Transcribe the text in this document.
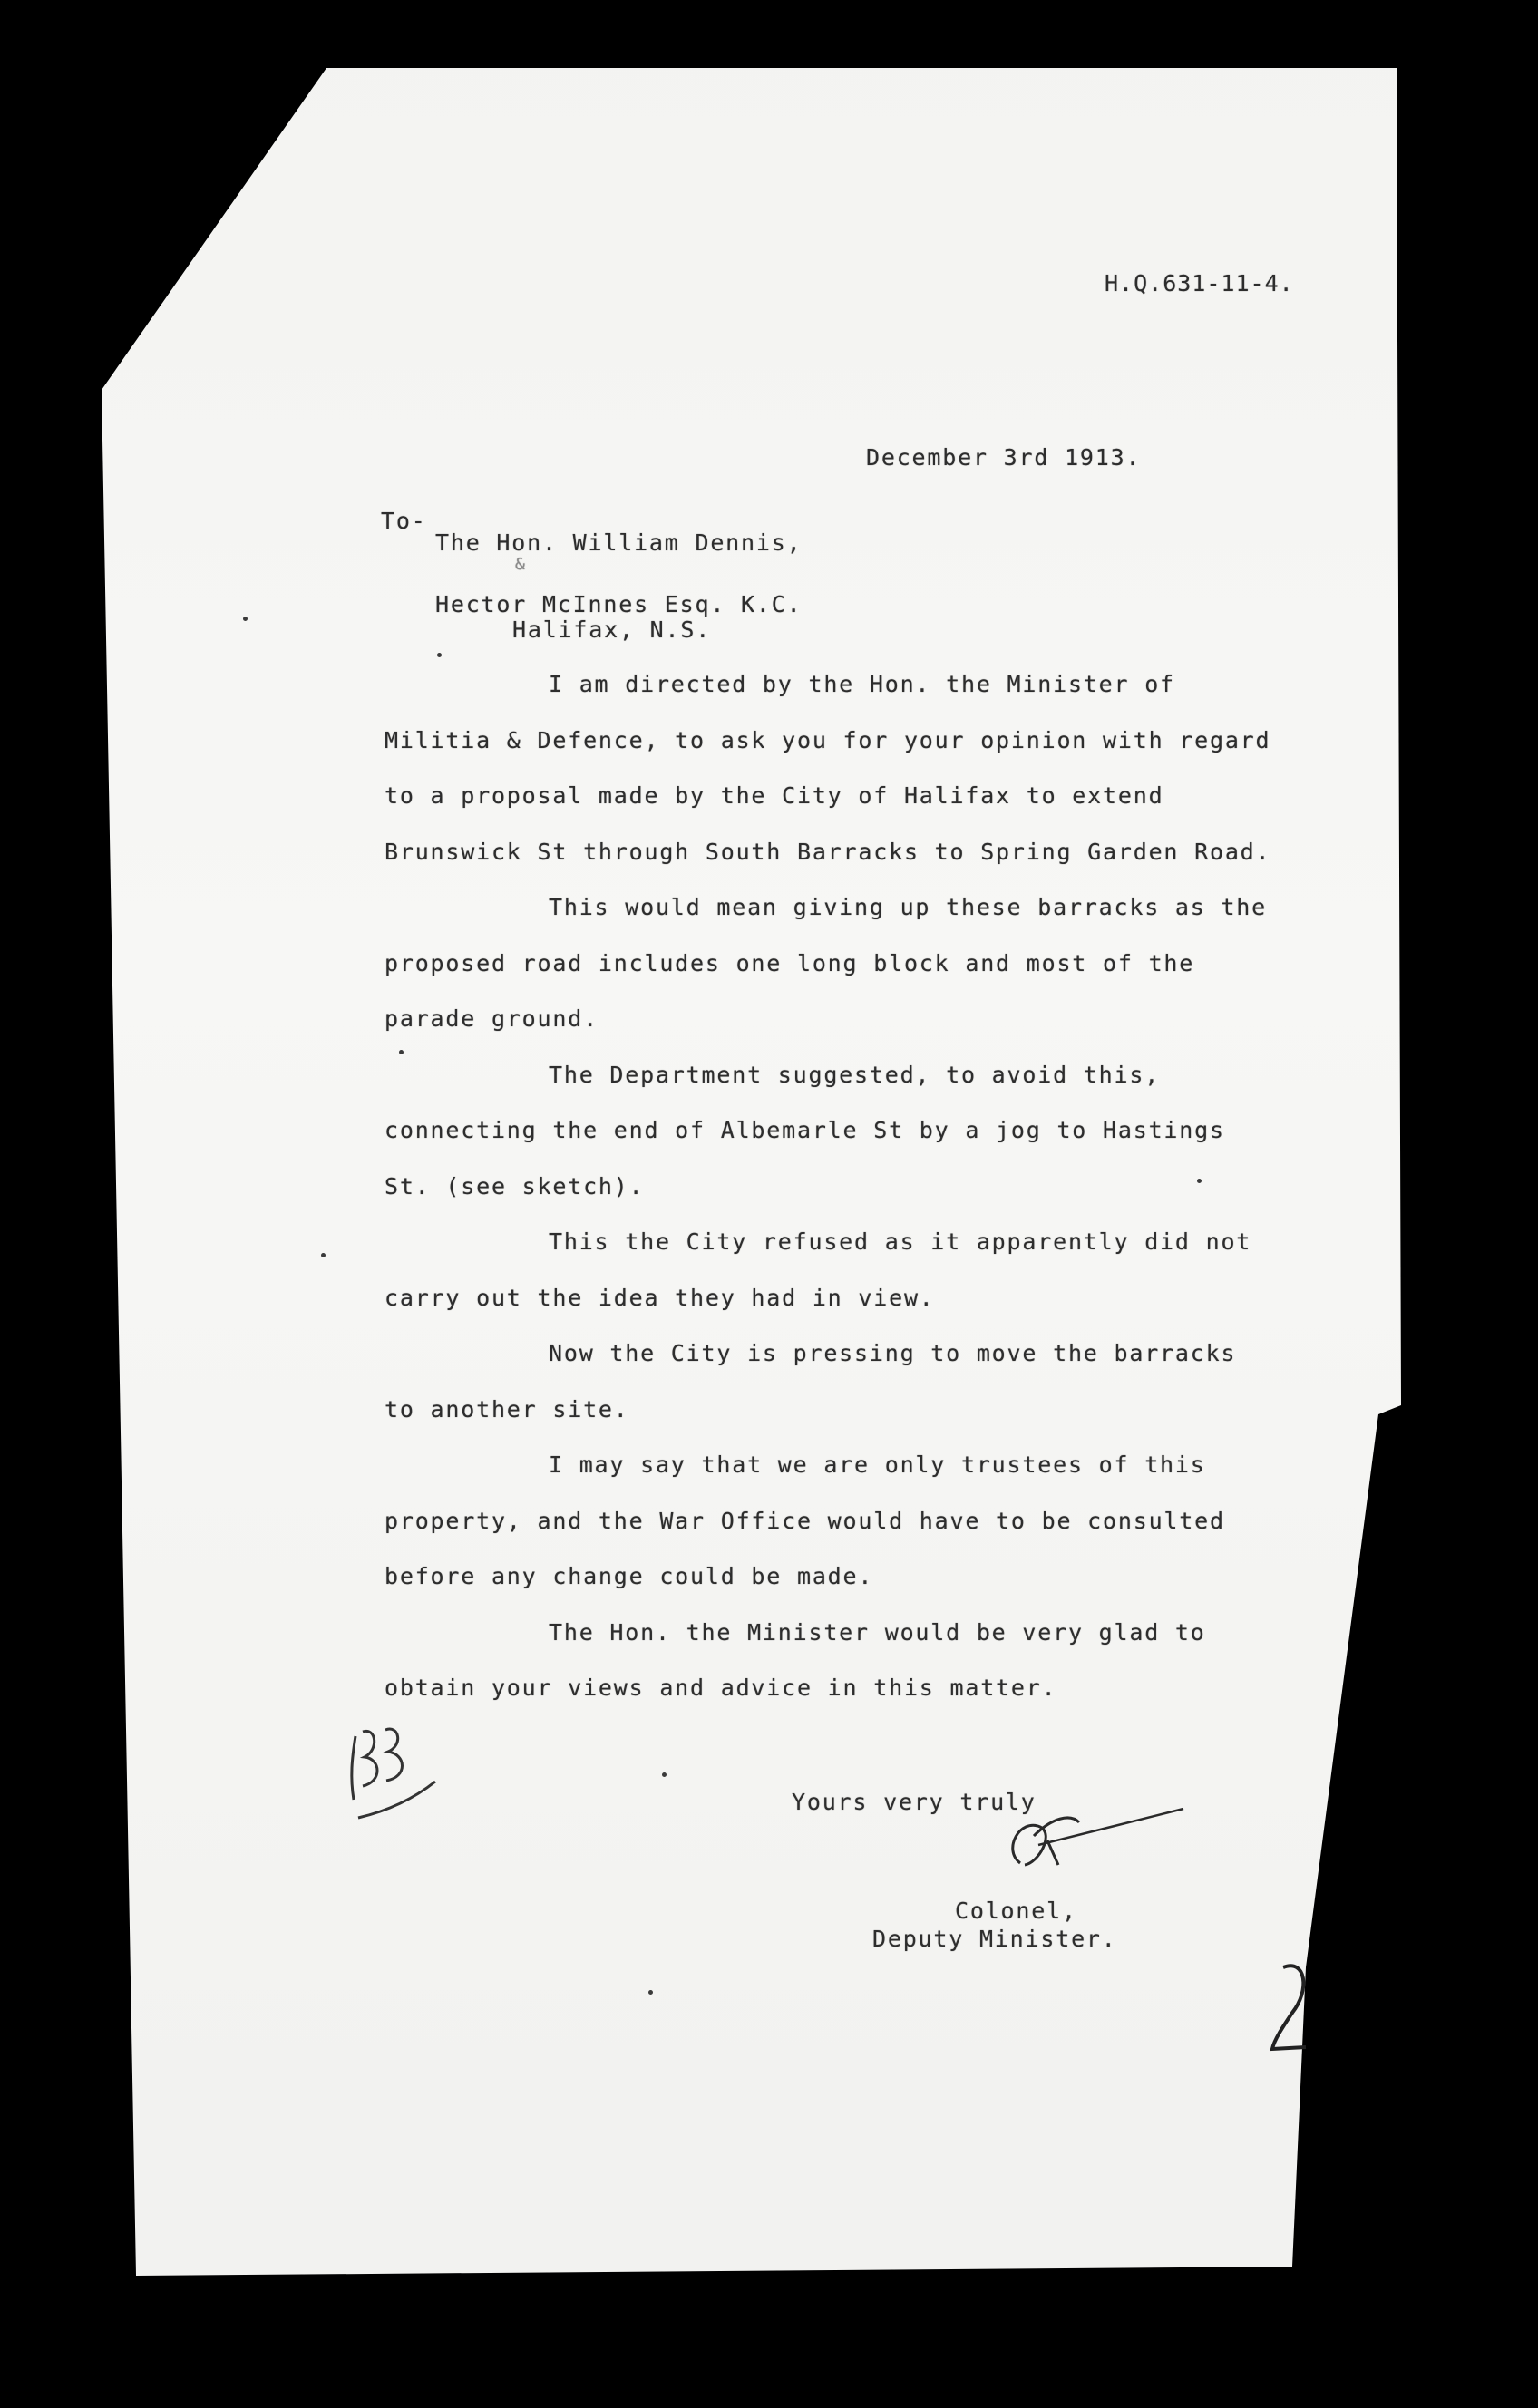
H.Q.631-11-4.
December 3rd 1913.
To-
The Hon. William Dennis,
&
Hector McInnes Esq. K.C.
Halifax, N.S.
I am directed by the Hon. the Minister of
Militia & Defence, to ask you for your opinion with regard
to a proposal made by the City of Halifax to extend
Brunswick St through South Barracks to Spring Garden Road.
This would mean giving up these barracks as the
proposed road includes one long block and most of the
parade ground.
The Department suggested, to avoid this,
connecting the end of Albemarle St by a jog to Hastings
St. (see sketch).
This the City refused as it apparently did not
carry out the idea they had in view.
Now the City is pressing to move the barracks
to another site.
I may say that we are only trustees of this
property, and the War Office would have to be consulted
before any change could be made.
The Hon. the Minister would be very glad to
obtain your views and advice in this matter.
Yours very truly
Colonel,
Deputy Minister.
